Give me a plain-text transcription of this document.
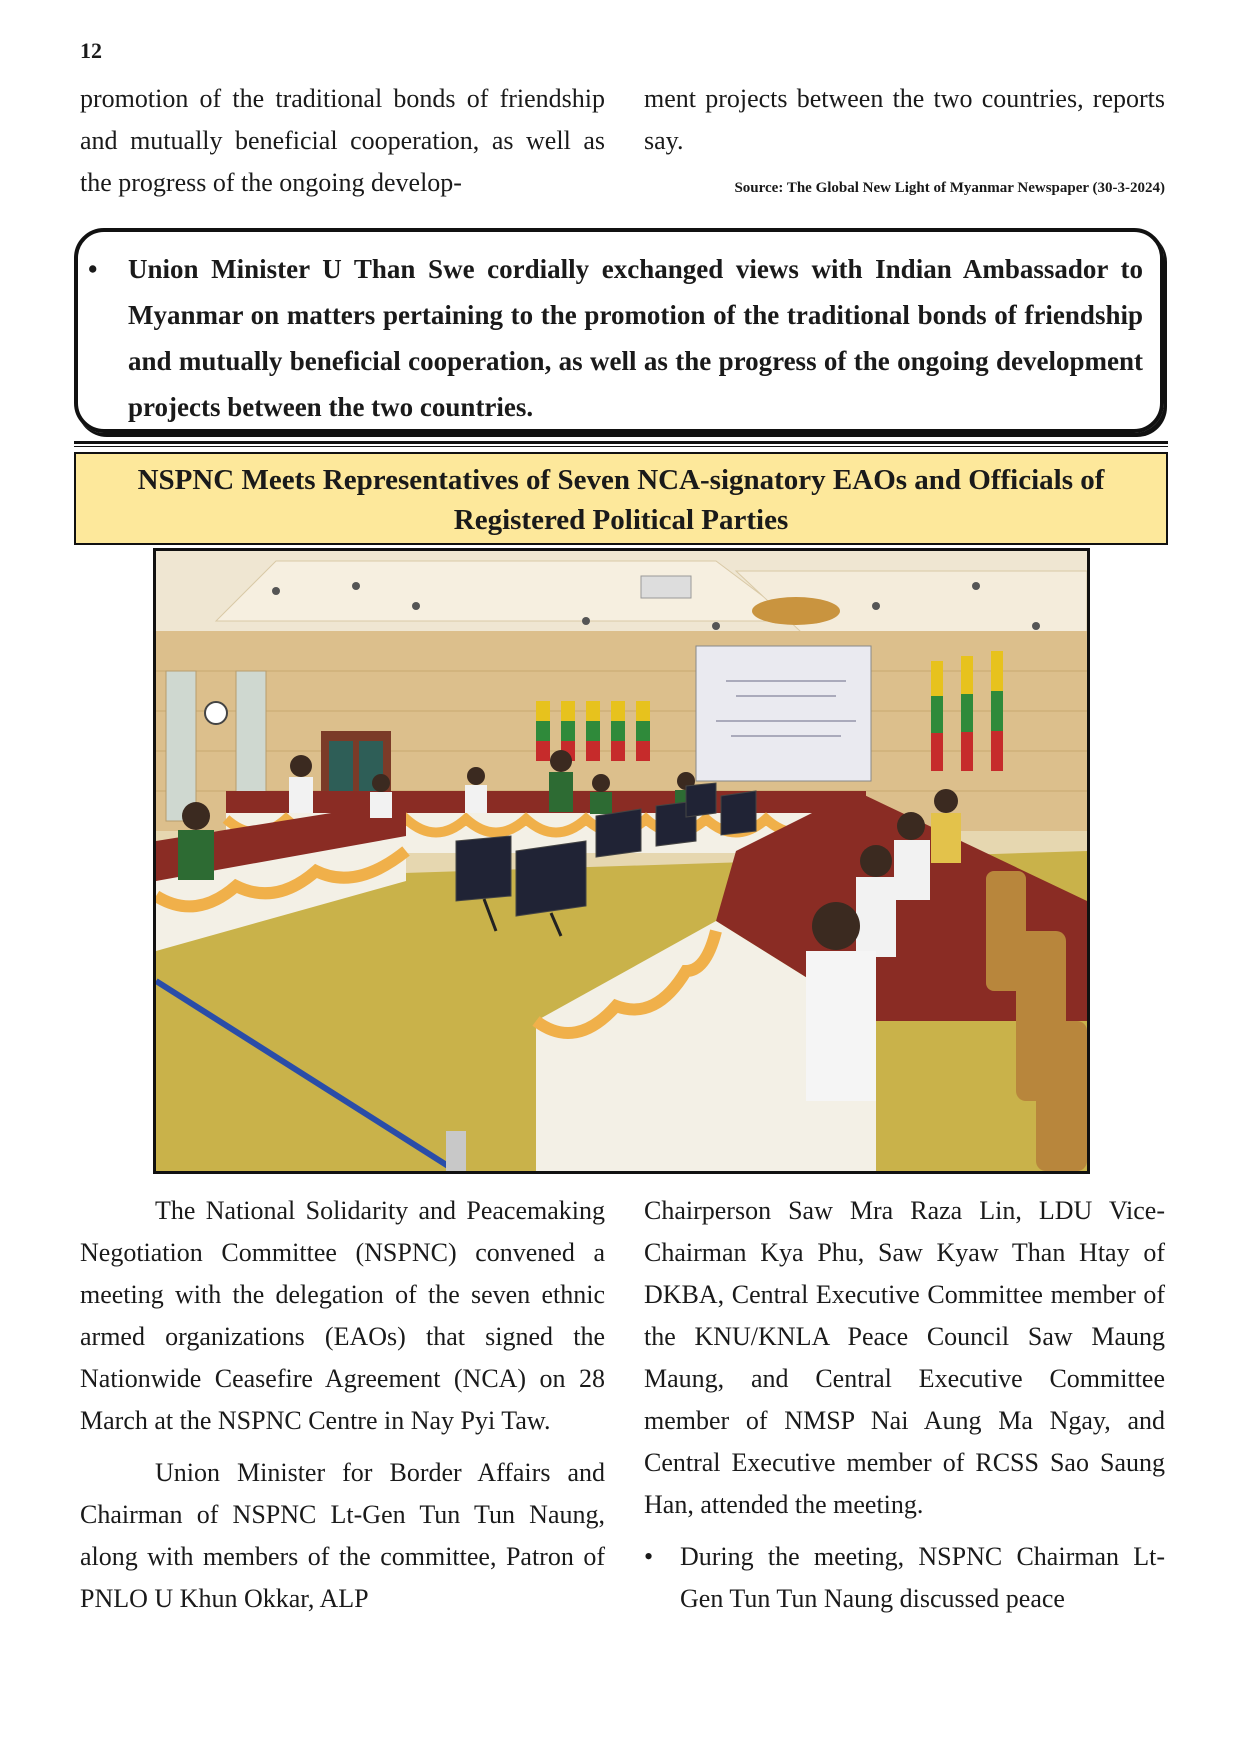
12

promotion of the traditional bonds of friendship and mutually beneficial cooperation, as well as the progress of the ongoing develop-

ment projects between the two countries, reports say.

Source: The Global New Light of Myanmar Newspaper (30-3-2024)
• Union Minister U Than Swe cordially exchanged views with Indian Ambassador to Myanmar on matters pertaining to the promotion of the traditional bonds of friendship and mutually beneficial cooperation, as well as the progress of the ongoing development projects between the two countries.
NSPNC Meets Representatives of Seven NCA-signatory EAOs and Officials of Registered Political Parties

The National Solidarity and Peacemaking Negotiation Committee (NSPNC) convened a meeting with the delegation of the seven ethnic armed organizations (EAOs) that signed the Nationwide Ceasefire Agreement (NCA) on 28 March at the NSPNC Centre in Nay Pyi Taw.

Union Minister for Border Affairs and Chairman of NSPNC Lt-Gen Tun Tun Naung, along with members of the committee, Patron of PNLO U Khun Okkar, ALP

Chairperson Saw Mra Raza Lin, LDU Vice-Chairman Kya Phu, Saw Kyaw Than Htay of DKBA, Central Executive Committee member of the KNU/KNLA Peace Council Saw Maung Maung, and Central Executive Committee member of NMSP Nai Aung Ma Ngay, and Central Executive member of RCSS Sao Saung Han, attended the meeting.

• During the meeting, NSPNC Chairman Lt-Gen Tun Tun Naung discussed peace
